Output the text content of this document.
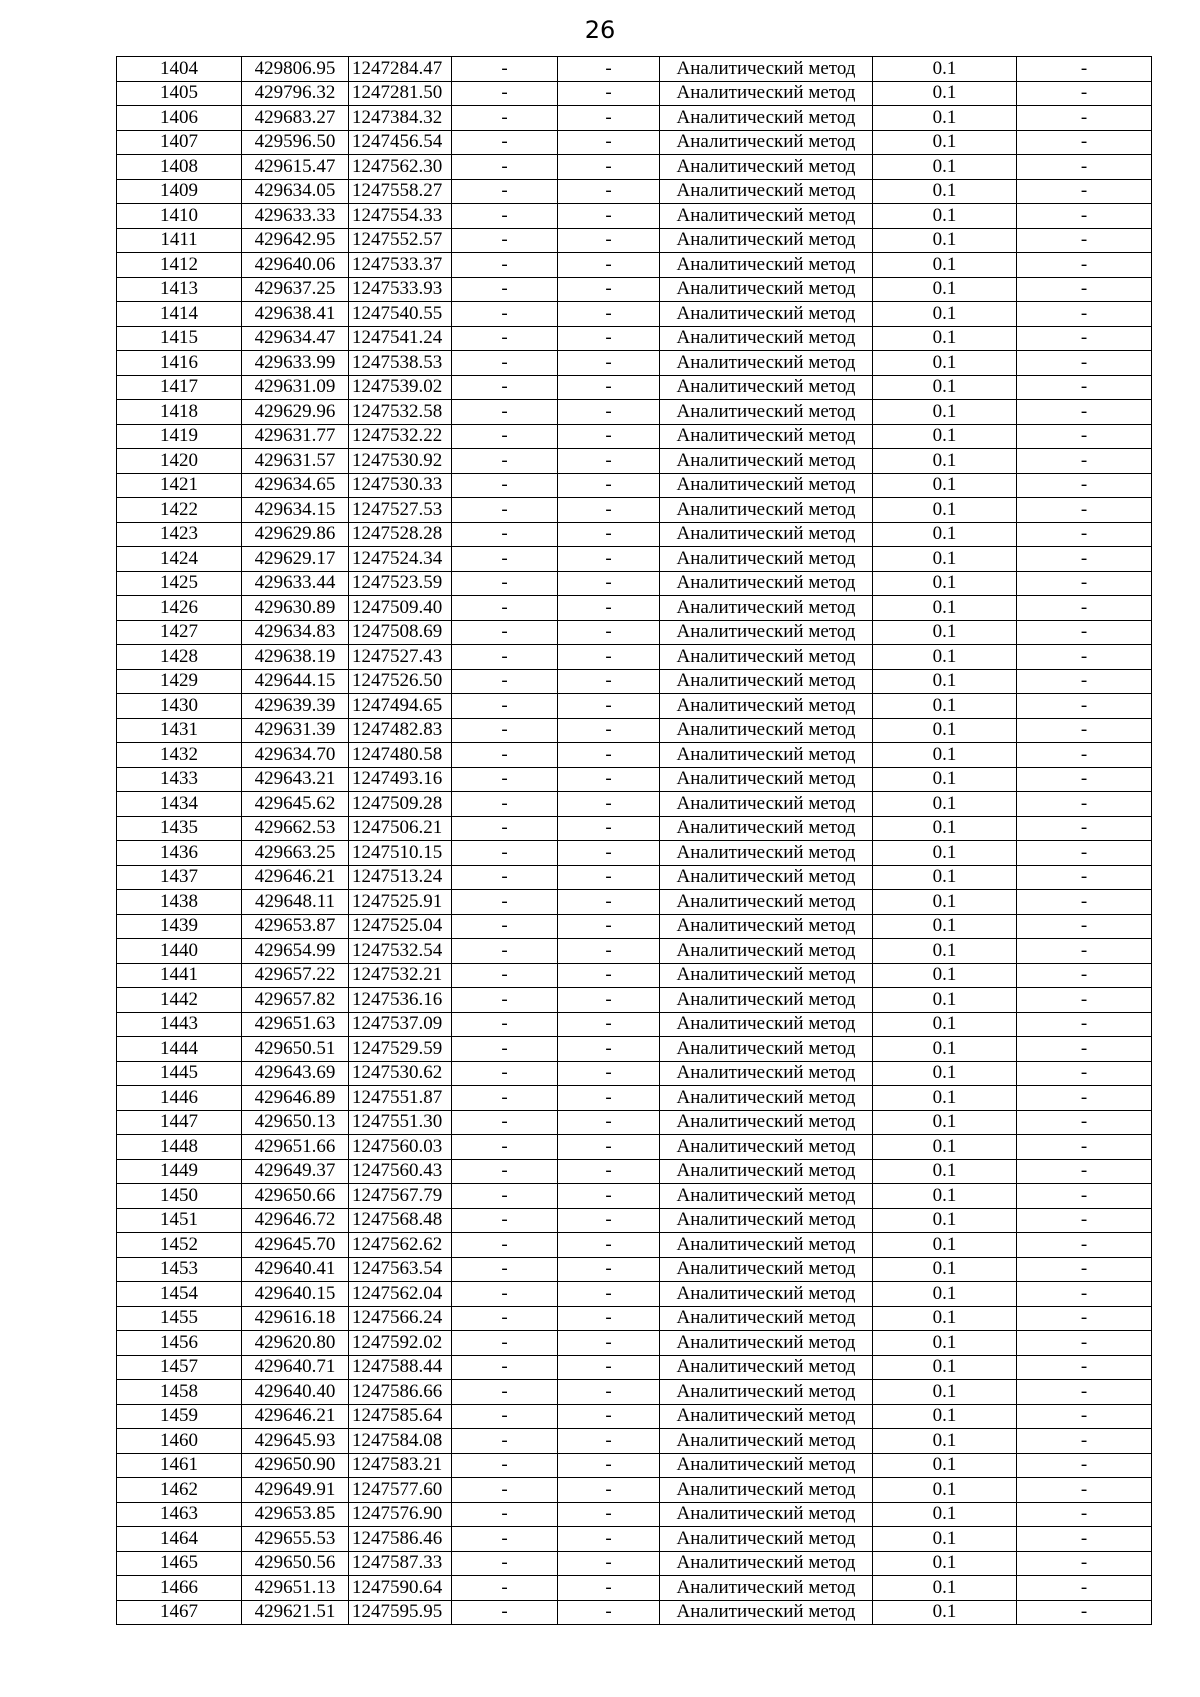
26
1404	429806.95	1247284.47	-	-	Аналитический метод	0.1	-
1405	429796.32	1247281.50	-	-	Аналитический метод	0.1	-
1406	429683.27	1247384.32	-	-	Аналитический метод	0.1	-
1407	429596.50	1247456.54	-	-	Аналитический метод	0.1	-
1408	429615.47	1247562.30	-	-	Аналитический метод	0.1	-
1409	429634.05	1247558.27	-	-	Аналитический метод	0.1	-
1410	429633.33	1247554.33	-	-	Аналитический метод	0.1	-
1411	429642.95	1247552.57	-	-	Аналитический метод	0.1	-
1412	429640.06	1247533.37	-	-	Аналитический метод	0.1	-
1413	429637.25	1247533.93	-	-	Аналитический метод	0.1	-
1414	429638.41	1247540.55	-	-	Аналитический метод	0.1	-
1415	429634.47	1247541.24	-	-	Аналитический метод	0.1	-
1416	429633.99	1247538.53	-	-	Аналитический метод	0.1	-
1417	429631.09	1247539.02	-	-	Аналитический метод	0.1	-
1418	429629.96	1247532.58	-	-	Аналитический метод	0.1	-
1419	429631.77	1247532.22	-	-	Аналитический метод	0.1	-
1420	429631.57	1247530.92	-	-	Аналитический метод	0.1	-
1421	429634.65	1247530.33	-	-	Аналитический метод	0.1	-
1422	429634.15	1247527.53	-	-	Аналитический метод	0.1	-
1423	429629.86	1247528.28	-	-	Аналитический метод	0.1	-
1424	429629.17	1247524.34	-	-	Аналитический метод	0.1	-
1425	429633.44	1247523.59	-	-	Аналитический метод	0.1	-
1426	429630.89	1247509.40	-	-	Аналитический метод	0.1	-
1427	429634.83	1247508.69	-	-	Аналитический метод	0.1	-
1428	429638.19	1247527.43	-	-	Аналитический метод	0.1	-
1429	429644.15	1247526.50	-	-	Аналитический метод	0.1	-
1430	429639.39	1247494.65	-	-	Аналитический метод	0.1	-
1431	429631.39	1247482.83	-	-	Аналитический метод	0.1	-
1432	429634.70	1247480.58	-	-	Аналитический метод	0.1	-
1433	429643.21	1247493.16	-	-	Аналитический метод	0.1	-
1434	429645.62	1247509.28	-	-	Аналитический метод	0.1	-
1435	429662.53	1247506.21	-	-	Аналитический метод	0.1	-
1436	429663.25	1247510.15	-	-	Аналитический метод	0.1	-
1437	429646.21	1247513.24	-	-	Аналитический метод	0.1	-
1438	429648.11	1247525.91	-	-	Аналитический метод	0.1	-
1439	429653.87	1247525.04	-	-	Аналитический метод	0.1	-
1440	429654.99	1247532.54	-	-	Аналитический метод	0.1	-
1441	429657.22	1247532.21	-	-	Аналитический метод	0.1	-
1442	429657.82	1247536.16	-	-	Аналитический метод	0.1	-
1443	429651.63	1247537.09	-	-	Аналитический метод	0.1	-
1444	429650.51	1247529.59	-	-	Аналитический метод	0.1	-
1445	429643.69	1247530.62	-	-	Аналитический метод	0.1	-
1446	429646.89	1247551.87	-	-	Аналитический метод	0.1	-
1447	429650.13	1247551.30	-	-	Аналитический метод	0.1	-
1448	429651.66	1247560.03	-	-	Аналитический метод	0.1	-
1449	429649.37	1247560.43	-	-	Аналитический метод	0.1	-
1450	429650.66	1247567.79	-	-	Аналитический метод	0.1	-
1451	429646.72	1247568.48	-	-	Аналитический метод	0.1	-
1452	429645.70	1247562.62	-	-	Аналитический метод	0.1	-
1453	429640.41	1247563.54	-	-	Аналитический метод	0.1	-
1454	429640.15	1247562.04	-	-	Аналитический метод	0.1	-
1455	429616.18	1247566.24	-	-	Аналитический метод	0.1	-
1456	429620.80	1247592.02	-	-	Аналитический метод	0.1	-
1457	429640.71	1247588.44	-	-	Аналитический метод	0.1	-
1458	429640.40	1247586.66	-	-	Аналитический метод	0.1	-
1459	429646.21	1247585.64	-	-	Аналитический метод	0.1	-
1460	429645.93	1247584.08	-	-	Аналитический метод	0.1	-
1461	429650.90	1247583.21	-	-	Аналитический метод	0.1	-
1462	429649.91	1247577.60	-	-	Аналитический метод	0.1	-
1463	429653.85	1247576.90	-	-	Аналитический метод	0.1	-
1464	429655.53	1247586.46	-	-	Аналитический метод	0.1	-
1465	429650.56	1247587.33	-	-	Аналитический метод	0.1	-
1466	429651.13	1247590.64	-	-	Аналитический метод	0.1	-
1467	429621.51	1247595.95	-	-	Аналитический метод	0.1	-
